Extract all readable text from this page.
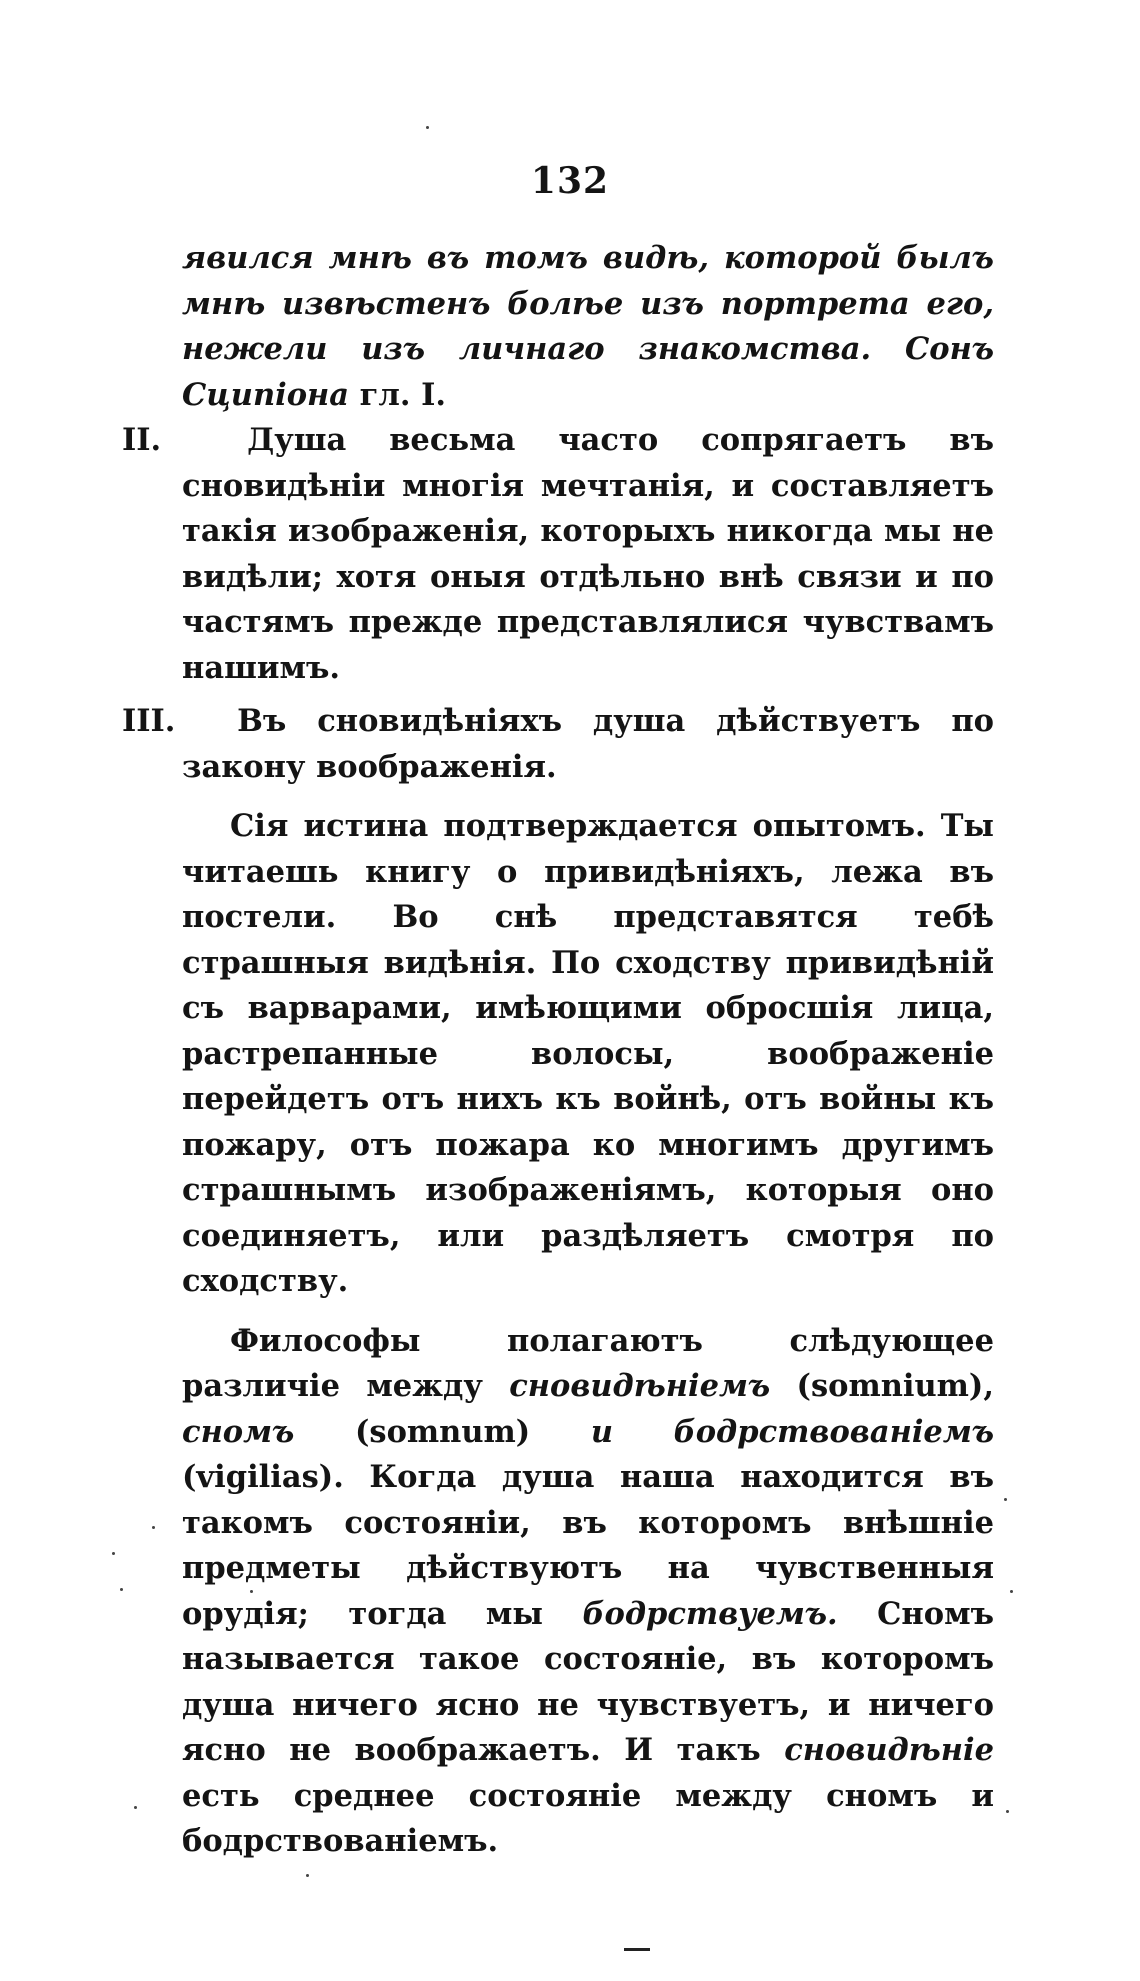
132

явился мнѣ въ томъ видѣ, которой былъ мнѣ извѣстенъ болѣе изъ портрета его, нежели изъ личнаго знакомства. Сонъ Сципiона гл. I.

II.	Душа весьма часто сопрягаетъ въ сновидѣнiи многiя мечтанiя, и составляетъ такiя изображенiя, которыхъ никогда мы не видѣли; хотя оныя отдѣльно внѣ связи и по частямъ прежде представлялися чувствамъ нашимъ.

III. Въ сновидѣнiяхъ душа дѣйствуетъ по закону воображенiя.

Сiя истина подтверждается опытомъ. Ты читаешь книгу о привидѣнiяхъ, лежа въ постели. Во снѣ представятся тебѣ страшныя видѣнiя. По сходству привидѣнiй съ варварами, имѣющими обросшiя лица, растрепанные волосы, воображенiе перейдетъ отъ нихъ къ войнѣ, отъ войны къ пожару, отъ пожара ко многимъ другимъ страшнымъ изображенiямъ, которыя оно соединяетъ, или раздѣляетъ смотря по сходству.

Философы полагаютъ слѣдующее различiе между сновидѣнiемъ (somnium), сномъ (somnum) и бодрствованiемъ (vigilias). Когда душа наша находится въ такомъ состоянiи, въ которомъ внѣшнiе предметы дѣйствуютъ на чувственныя орудiя; тогда мы бодрствуемъ. Сномъ называется такое состоянiе, въ которомъ душа ничего ясно не чувствуетъ, и ничего ясно не воображаетъ. И такъ сновидѣнiе есть среднее состоянiе между сномъ и бодрствованiемъ.
